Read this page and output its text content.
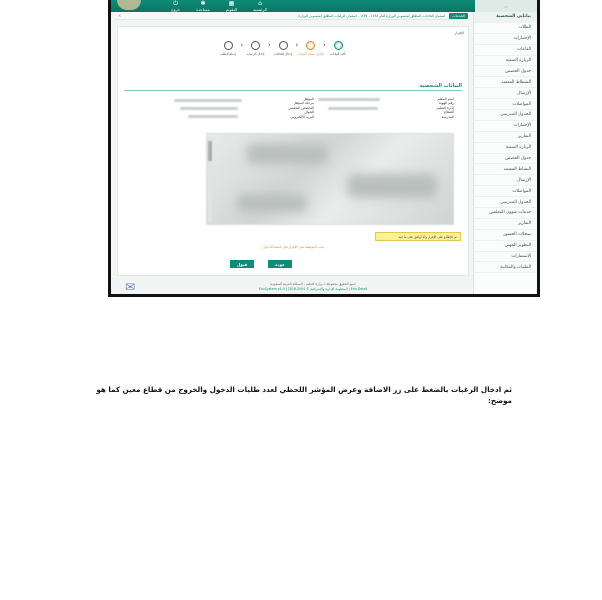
▭
⌂
الرئيسية
▦
التقويم
✱
مساعدة
⏻
خروج
بياناتي الشخصية
الطلاب
الإختبارات
القاعات
الزيارة الصفية
جدول الحصص
الشطاط المعتمد
الإرسال
المواصلات
الجدول المدرسي
الإختبارات
التقارير
الزيارة الصفية
جدول الحصص
النشاط المعتمد
الإرسال
المواصلات
الجدول المدرسي
خدمات شؤون المعلمين
التقارير
سجلات الحضور
التطوير المهني
الاستمارات
الملفات والمكاتبة
الخدمات
استبيان الحاجات المطلق لمنسوبي الوزارة لعام ١٤٣٨ - ١٤٣٧ - استبيان الرغبات المطلق لمنسوبي الوزارة
×
الإقرار
تأكيد البيانات
‹
الإقرار بصحة البيانات
‹
إدخال الحاجات
‹
إدخال الرغبات
‹
إتمام الطلب
البيانات الشخصية
اسم المعلم
رقم الهوية
إدارة التعليم
القطاع
المدرسة
المؤهل
مرحلة المؤهل
التخصص التعليمي
الجوال
البريد الالكتروني
تم الإطلاع على الإقرار وأنا أوافق على ما فيه
يجب الموافقة على الإقرار قبل عملية الدخول
عودة
قبول
✉	جميع الحقوق محفوظة لـ وزارة التعليم - المملكة العربية السعودية
EduSystem v1.0 | المنظومة الإدارية والإشرافية © 2004-2016 | Edu Detail

ثم ادخال الرغبات بالضغط على زر الاضافة وعرض المؤشر اللحظي لعدد طلبات الدخول والخروج من قطاع معين كما هو موضح:
